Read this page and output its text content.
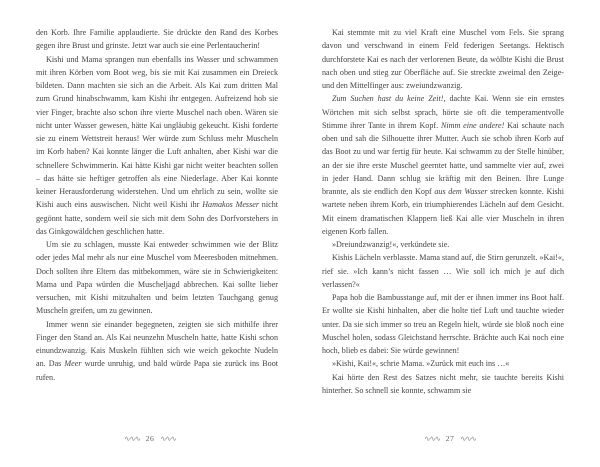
den Korb. Ihre Familie applaudierte. Sie drückte den Rand des Korbes gegen ihre Brust und grinste. Jetzt war auch sie eine Perlentaucherin!

Kishi und Mama sprangen nun ebenfalls ins Wasser und schwammen mit ihren Körben vom Boot weg, bis sie mit Kai zusammen ein Dreieck bildeten. Dann machten sie sich an die Arbeit. Als Kai zum dritten Mal zum Grund hinabschwamm, kam Kishi ihr entgegen. Aufreizend hob sie vier Finger, brachte also schon ihre vierte Muschel nach oben. Wären sie nicht unter Wasser gewesen, hätte Kai ungläubig gekeucht. Kishi forderte sie zu einem Wettstreit heraus! Wer würde zum Schluss mehr Muscheln im Korb haben? Kai konnte länger die Luft anhalten, aber Kishi war die schnellere Schwimmerin. Kai hätte Kishi gar nicht weiter beachten sollen – das hätte sie heftiger getroffen als eine Niederlage. Aber Kai konnte keiner Herausforderung widerstehen. Und um ehrlich zu sein, wollte sie Kishi auch eins auswischen. Nicht weil Kishi ihr Hamakos Messer nicht gegönnt hatte, sondern weil sie sich mit dem Sohn des Dorfvorstehers in das Ginkgowäldchen geschlichen hatte.

Um sie zu schlagen, musste Kai entweder schwimmen wie der Blitz oder jedes Mal mehr als nur eine Muschel vom Meeresboden mitnehmen. Doch sollten ihre Eltern das mitbekommen, wäre sie in Schwierigkeiten: Mama und Papa würden die Muscheljagd abbrechen. Kai sollte lieber versuchen, mit Kishi mitzuhalten und beim letzten Tauchgang genug Muscheln greifen, um zu gewinnen.

Immer wenn sie einander begegneten, zeigten sie sich mithilfe ihrer Finger den Stand an. Als Kai neunzehn Muscheln hatte, hatte Kishi schon einundzwanzig. Kais Muskeln fühlten sich wie weich gekochte Nudeln an. Das Meer wurde unruhig, und bald würde Papa sie zurück ins Boot rufen.

∿∿∿ 26 ∿∿∿

Kai stemmte mit zu viel Kraft eine Muschel vom Fels. Sie sprang davon und verschwand in einem Feld federigen Seetangs. Hektisch durchforstete Kai es nach der verlorenen Beute, da wölbte Kishi die Brust nach oben und stieg zur Oberfläche auf. Sie streckte zweimal den Zeige- und den Mittelfinger aus: zweiundzwanzig.

Zum Suchen hast du keine Zeit!, dachte Kai. Wenn sie ein ernstes Wörtchen mit sich selbst sprach, hörte sie oft die temperamentvolle Stimme ihrer Tante in ihrem Kopf. Nimm eine andere! Kai schaute nach oben und sah die Silhouette ihrer Mutter. Auch sie schob ihren Korb auf das Boot zu und war fertig für heute. Kai schwamm zu der Stelle hinüber, an der sie ihre erste Muschel geerntet hatte, und sammelte vier auf, zwei in jeder Hand. Dann schlug sie kräftig mit den Beinen. Ihre Lunge brannte, als sie endlich den Kopf aus dem Wasser strecken konnte. Kishi wartete neben ihrem Korb, ein triumphierendes Lächeln auf dem Gesicht. Mit einem dramatischen Klappern ließ Kai alle vier Muscheln in ihren eigenen Korb fallen.

»Dreiundzwanzig!«, verkündete sie.

Kishis Lächeln verblasste. Mama stand auf, die Stirn gerunzelt. »Kai!«, rief sie. »Ich kann’s nicht fassen … Wie soll ich mich je auf dich verlassen?«

Papa hob die Bambusstange auf, mit der er ihnen immer ins Boot half. Er wollte sie Kishi hinhalten, aber die holte tief Luft und tauchte wieder unter. Da sie sich immer so treu an Regeln hielt, würde sie bloß noch eine Muschel holen, sodass Gleichstand herrschte. Brächte auch Kai noch eine hoch, blieb es dabei: Sie würde gewinnen!

»Kishi, Kai!«, schrie Mama. »Zurück mit euch ins …«

Kai hörte den Rest des Satzes nicht mehr, sie tauchte bereits Kishi hinterher. So schnell sie konnte, schwamm sie

∿∿∿ 27 ∿∿∿
